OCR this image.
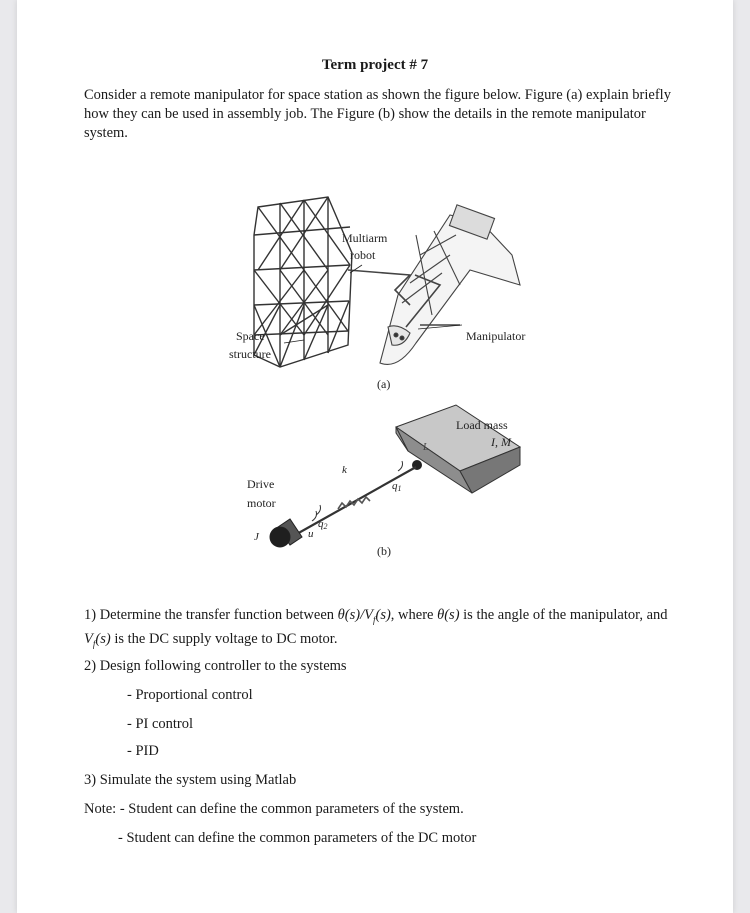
Term project # 7
Consider a remote manipulator for space station as shown the figure below. Figure (a) explain briefly how they can be used in assembly job. The Figure (b) show the details in the remote manipulator system.
Multiarm
robot
Space
structure
Manipulator
(a)
Load mass
I, M
Drive
motor
k
q1
q2
J	u
L
(b)
1) Determine the transfer function between $\theta(s)/V_f(s)$, where θ(s) is the angle of the manipulator, and $V_f(s)$ is the DC supply voltage to DC motor.
2) Design following controller to the systems
- Proportional control
- PI control
- PID
3) Simulate the system using Matlab
Note: - Student can define the common parameters of the system.
- Student can define the common parameters of the DC motor
